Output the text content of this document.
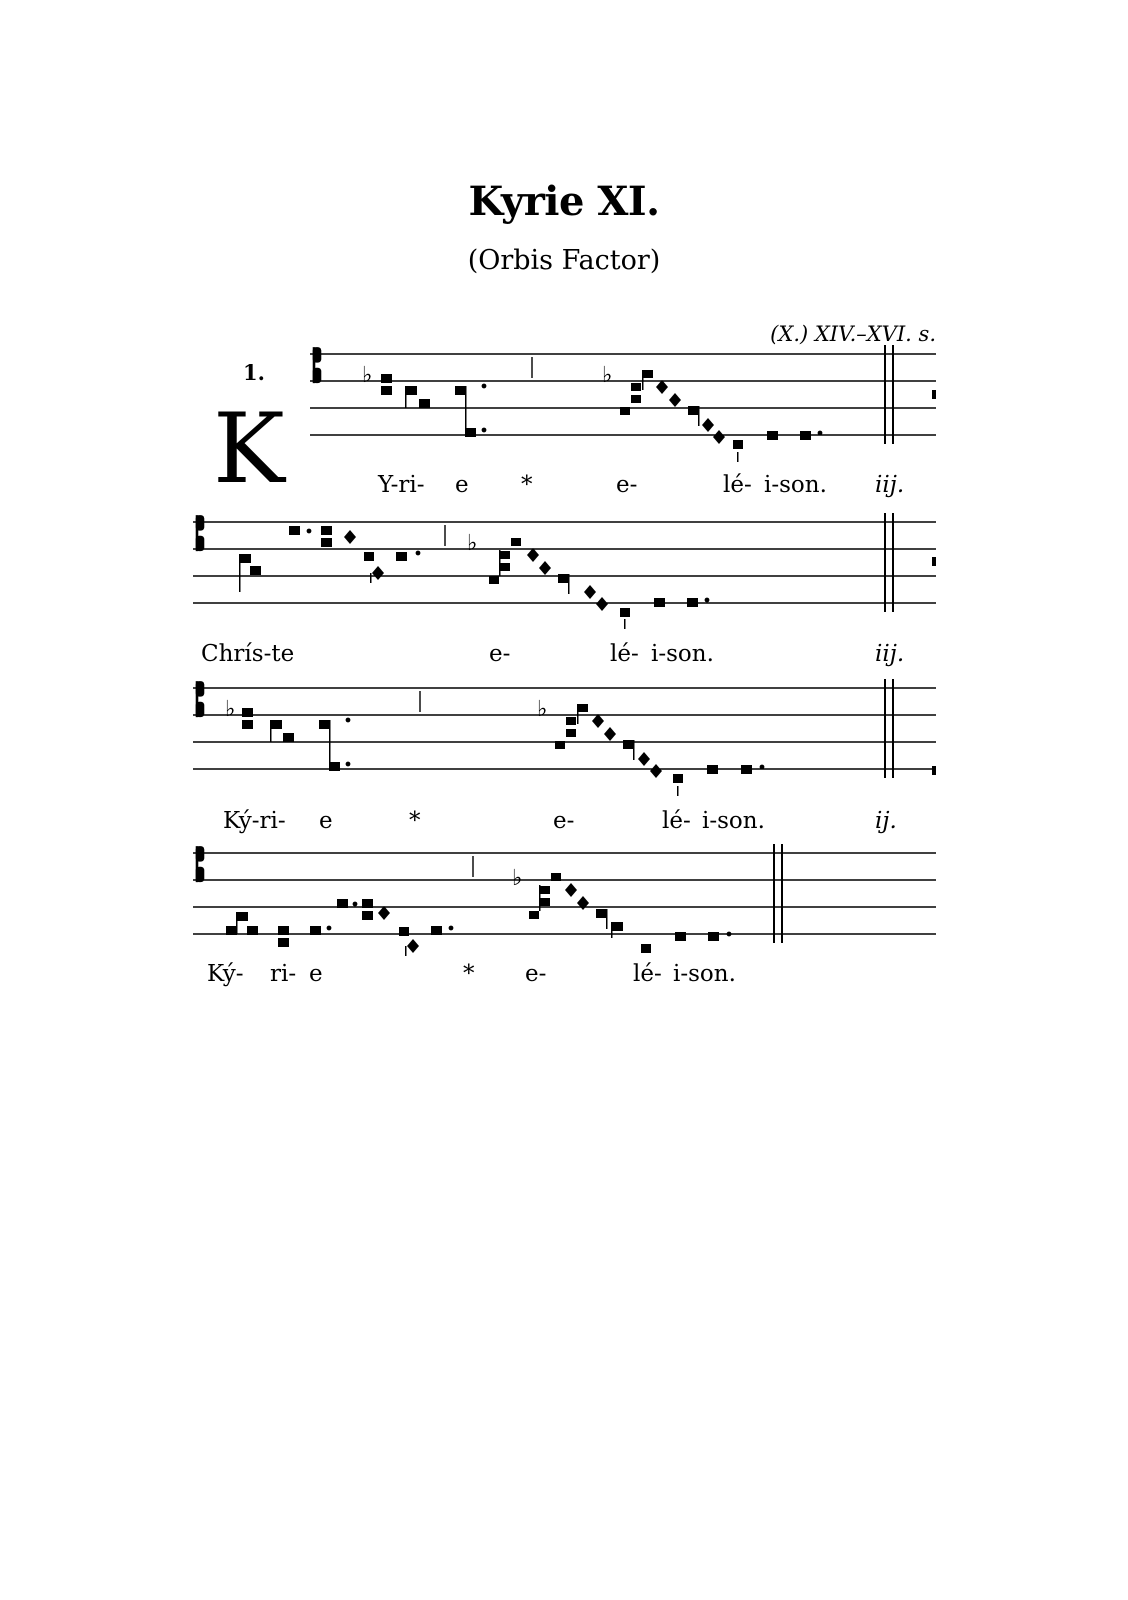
Kyrie XI.
(Orbis Factor)
(X.) XIV.–XVI. s.
1.
K
♭	♭
Y-ri- e *	e-	lé- i-son. iij.
♭
Chrís-te	e-	lé- i-son.	iij.
♭	♭
Ký-ri- e	*	e-	lé- i-son.	ij.
♭
Ký- ri- e	* e-	lé- i-son.
